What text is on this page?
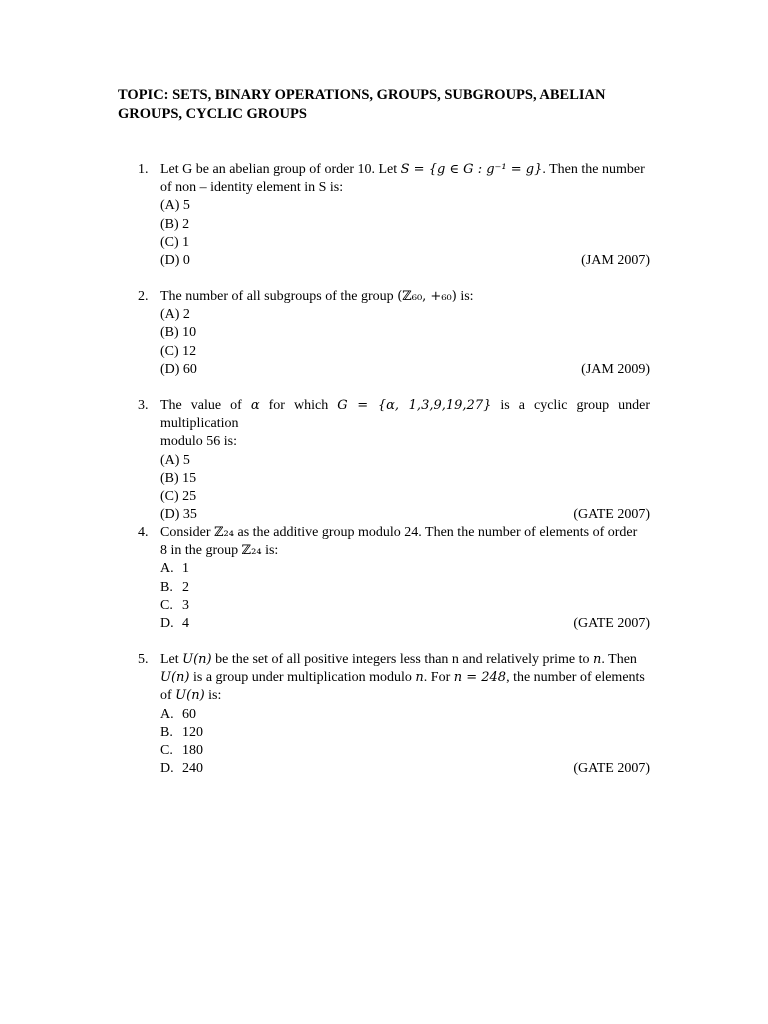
TOPIC: SETS, BINARY OPERATIONS, GROUPS, SUBGROUPS, ABELIAN GROUPS, CYCLIC GROUPS

1. Let G be an abelian group of order 10. Let S = {g ∈ G : g⁻¹ = g}. Then the number
of non – identity element in S is:
(A) 5
(B) 2
(C) 1
(D) 0	(JAM 2007)
2. The number of all subgroups of the group (ℤ₆₀, +₆₀) is:
(A) 2
(B) 10
(C) 12
(D) 60	(JAM 2009)
3. The value of α for which G = {α, 1,3,9,19,27} is a cyclic group under multiplication
modulo 56 is:
(A) 5
(B) 15
(C) 25
(D) 35	(GATE 2007)
4. Consider ℤ₂₄ as the additive group modulo 24. Then the number of elements of order
8 in the group ℤ₂₄ is:
A. 1
B. 2
C. 3
D. 4	(GATE 2007)
5. Let U(n) be the set of all positive integers less than n and relatively prime to n. Then
U(n) is a group under multiplication modulo n. For n = 248, the number of elements
of U(n) is:
A. 60
B. 120
C. 180
D. 240	(GATE 2007)
